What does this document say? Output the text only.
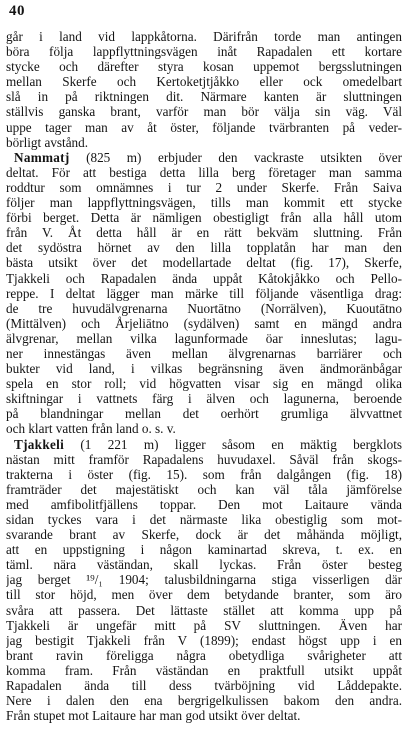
40
går i land vid lappkåtorna. Därifrån torde man antingen
böra följa lappflyttningsvägen inåt Rapadalen ett kortare
stycke och därefter styra kosan uppemot bergsslutningen
mellan Skerfe och Kertoketjtjåkko eller ock omedelbart
slå in på riktningen dit. Närmare kanten är sluttningen
ställvis ganska brant, varför man bör välja sin väg. Väl
uppe tager man av åt öster, följande tvärbranten på veder-
börligt avstånd.
Nammatj (825 m) erbjuder den vackraste utsikten över
deltat. För att bestiga detta lilla berg företager man samma
roddtur som omnämnes i tur 2 under Skerfe. Från Saiva
följer man lappflyttningsvägen, tills man kommit ett stycke
förbi berget. Detta är nämligen obestigligt från alla håll utom
från V. Åt detta håll är en rätt bekväm sluttning. Från
det sydöstra hörnet av den lilla topplatån har man den
bästa utsikt över det modellartade deltat (fig. 17), Skerfe,
Tjakkeli och Rapadalen ända uppåt Kåtokjåkko och Pello-
reppe. I deltat lägger man märke till följande väsentliga drag:
de tre huvudälvgrenarna Nuortātno (Norrälven), Kuoutātno
(Mittälven) och Årjeliātno (sydälven) samt en mängd andra
älvgrenar, mellan vilka lagunformade öar inneslutas; lagu-
ner innestängas även mellan älvgrenarnas barriärer och
bukter vid land, i vilkas begränsning även ändmoränbågar
spela en stor roll; vid högvatten visar sig en mängd olika
skiftningar i vattnets färg i älven och lagunerna, beroende
på blandningar mellan det oerhört grumliga älvvattnet
och klart vatten från land o. s. v.
Tjakkeli (1 221 m) ligger såsom en mäktig bergklots
nästan mitt framför Rapadalens huvudaxel. Såväl från skogs-
trakterna i öster (fig. 15). som från dalgången (fig. 18)
framträder det majestätiskt och kan väl tåla jämförelse
med amfibolitfjällens toppar. Den mot Laitaure vända
sidan tyckes vara i det närmaste lika obestiglig som mot-
svarande brant av Skerfe, dock är det måhända möjligt,
att en uppstigning i någon kaminartad skreva, t. ex. en
täml. nära väständan, skall lyckas. Från öster besteg
jag berget ¹⁹/₁ 1904; talusbildningarna stiga visserligen där
till stor höjd, men över dem betydande branter, som äro
svåra att passera. Det lättaste stället att komma upp på
Tjakkeli är ungefär mitt på SV sluttningen. Även har
jag bestigit Tjakkeli från V (1899); endast högst upp i en
brant ravin föreligga några obetydliga svårigheter att
komma fram. Från väständan en praktfull utsikt uppåt
Rapadalen ända till dess tvärböjning vid Låddepakte.
Nere i dalen den ena bergrigelkulissen bakom den andra.
Från stupet mot Laitaure har man god utsikt över deltat.
